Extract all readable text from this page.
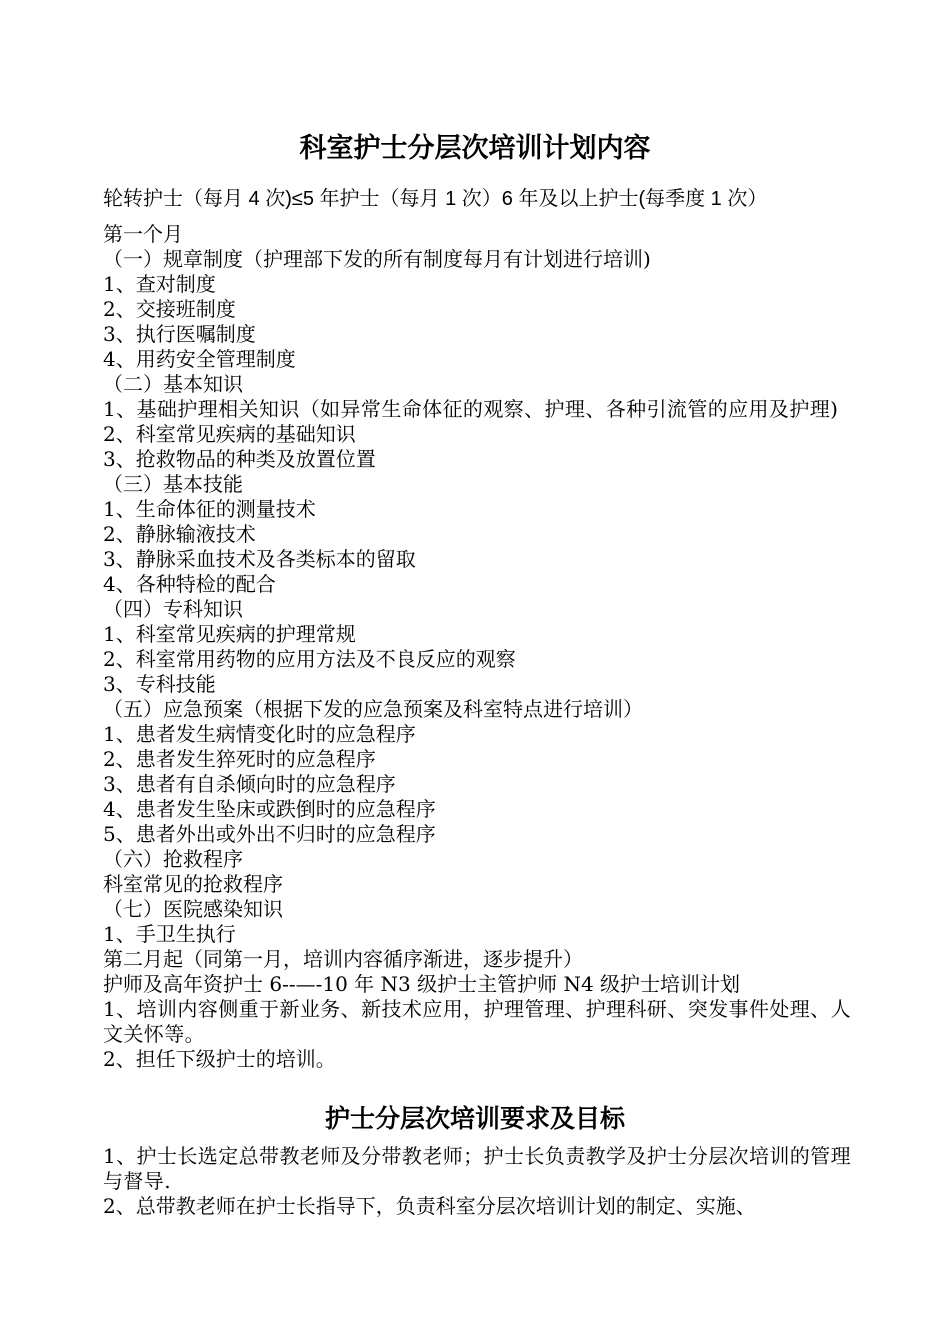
科室护士分层次培训计划内容
轮转护士（每月 4 次)≤5 年护士（每月 1 次）6 年及以上护士(每季度 1 次）
第一个月
（一）规章制度（护理部下发的所有制度每月有计划进行培训)
1、查对制度
2、交接班制度
3、执行医嘱制度
4、用药安全管理制度
（二）基本知识
1、基础护理相关知识（如异常生命体征的观察、护理、各种引流管的应用及护理)
2、科室常见疾病的基础知识
3、抢救物品的种类及放置位置
（三）基本技能
1、生命体征的测量技术
2、静脉输液技术
3、静脉采血技术及各类标本的留取
4、各种特检的配合
（四）专科知识
1、科室常见疾病的护理常规
2、科室常用药物的应用方法及不良反应的观察
3、专科技能
（五）应急预案（根据下发的应急预案及科室特点进行培训）
1、患者发生病情变化时的应急程序
2、患者发生猝死时的应急程序
3、患者有自杀倾向时的应急程序
4、患者发生坠床或跌倒时的应急程序
5、患者外出或外出不归时的应急程序
（六）抢救程序
科室常见的抢救程序
（七）医院感染知识
1、手卫生执行
第二月起（同第一月，培训内容循序渐进，逐步提升）
护师及高年资护士 6--—-10 年 N3 级护士主管护师 N4 级护士培训计划
1、培训内容侧重于新业务、新技术应用，护理管理、护理科研、突发事件处理、人文关怀等。
2、担任下级护士的培训。
护士分层次培训要求及目标
1、护士长选定总带教老师及分带教老师；护士长负责教学及护士分层次培训的管理与督导.
2、总带教老师在护士长指导下，负责科室分层次培训计划的制定、实施、
